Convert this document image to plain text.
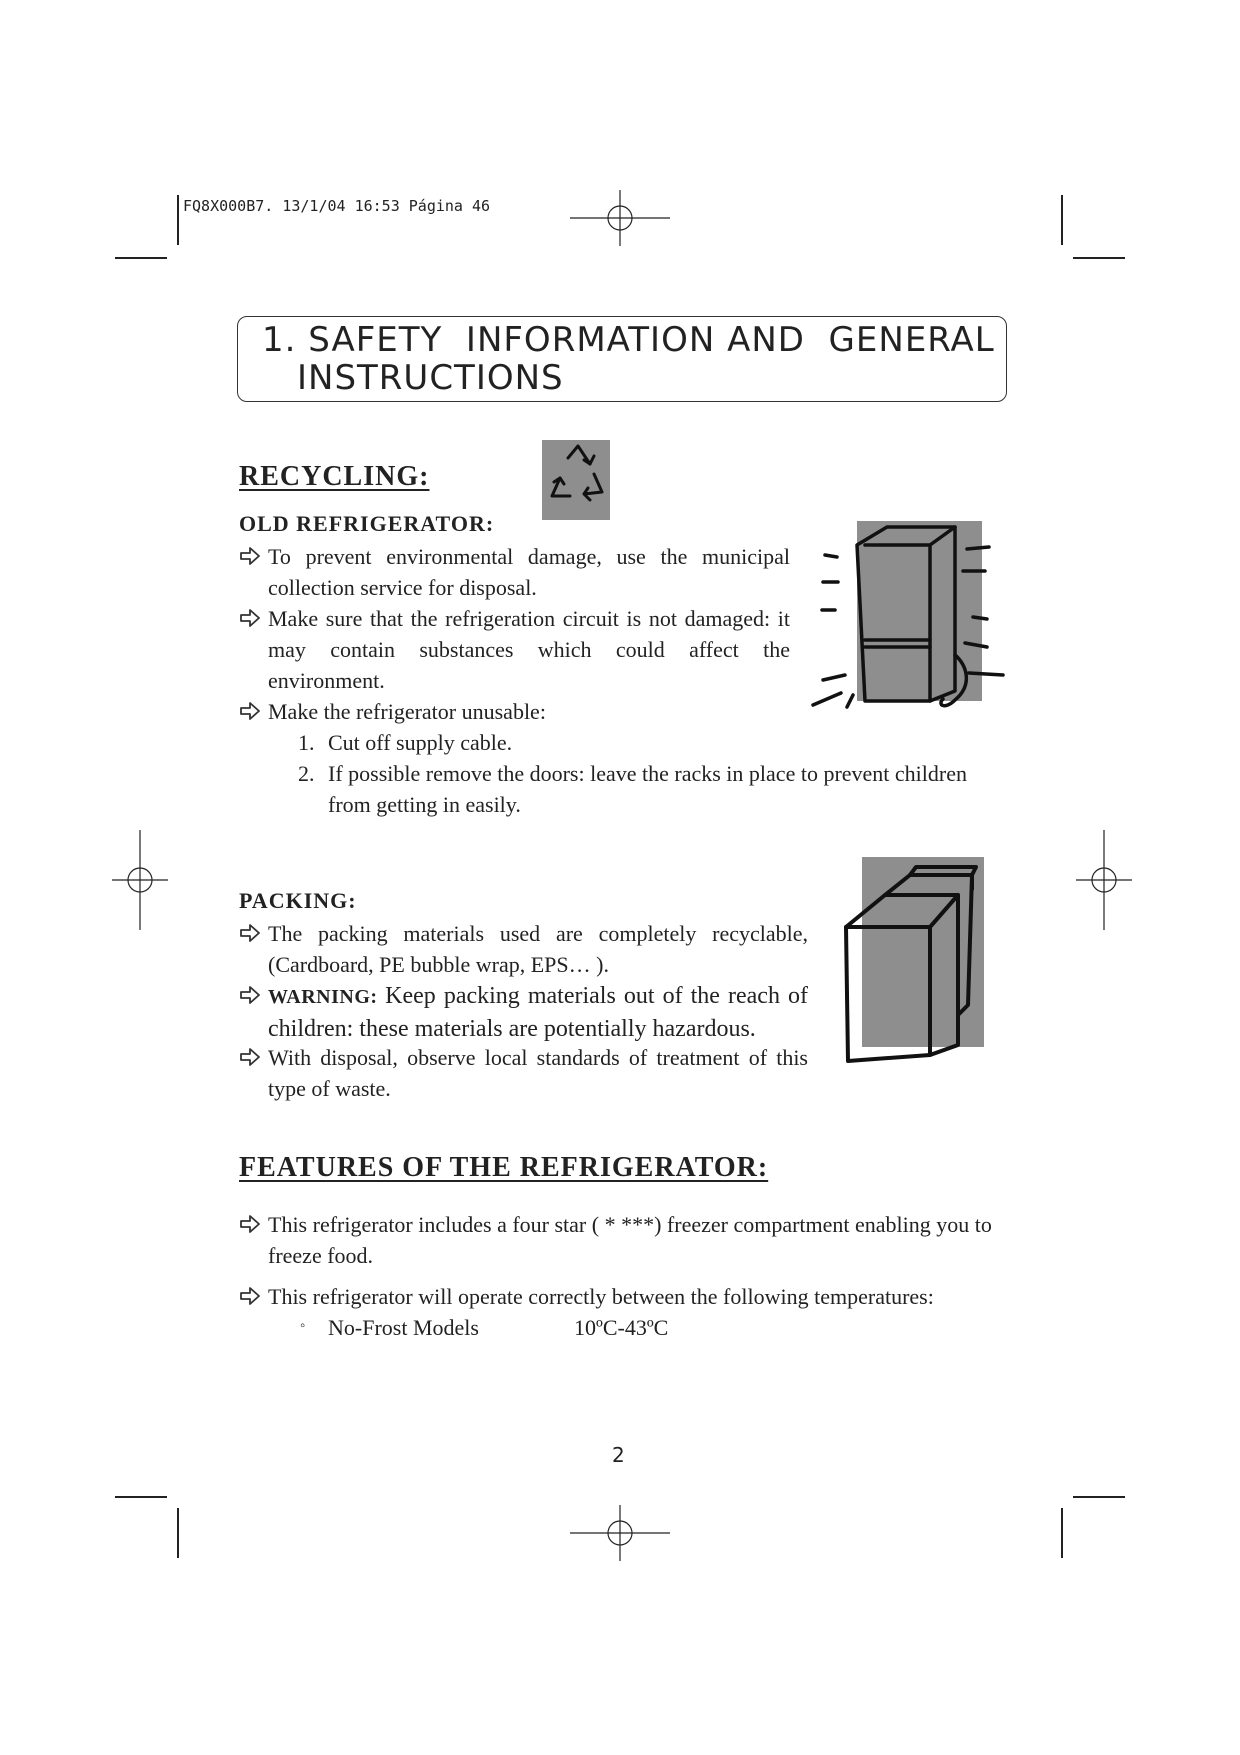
FQ8X000B7. 13/1/04 16:53 Página 46
1. SAFETY  INFORMATION AND  GENERAL
INSTRUCTIONS
RECYCLING:
OLD REFRIGERATOR:
To prevent environmental damage, use the municipal collection service for disposal.
Make sure that the refrigeration circuit is not damaged: it may contain substances which could affect the environment.
Make the refrigerator unusable:
1. Cut off supply cable.
2. If possible remove the doors: leave the racks in place to prevent children from getting in easily.
PACKING:
The packing materials used are completely recyclable, (Cardboard, PE bubble wrap, EPS… ).
WARNING: Keep packing materials out of the reach of children: these materials are potentially hazardous.
With disposal, observe local standards of treatment of this type of waste.
FEATURES OF THE REFRIGERATOR:
This refrigerator includes a four star ( * ***) freezer compartment enabling you to freeze food.
This refrigerator will operate correctly between the following temperatures:
◦ No-Frost Models	10ºC-43ºC
2
